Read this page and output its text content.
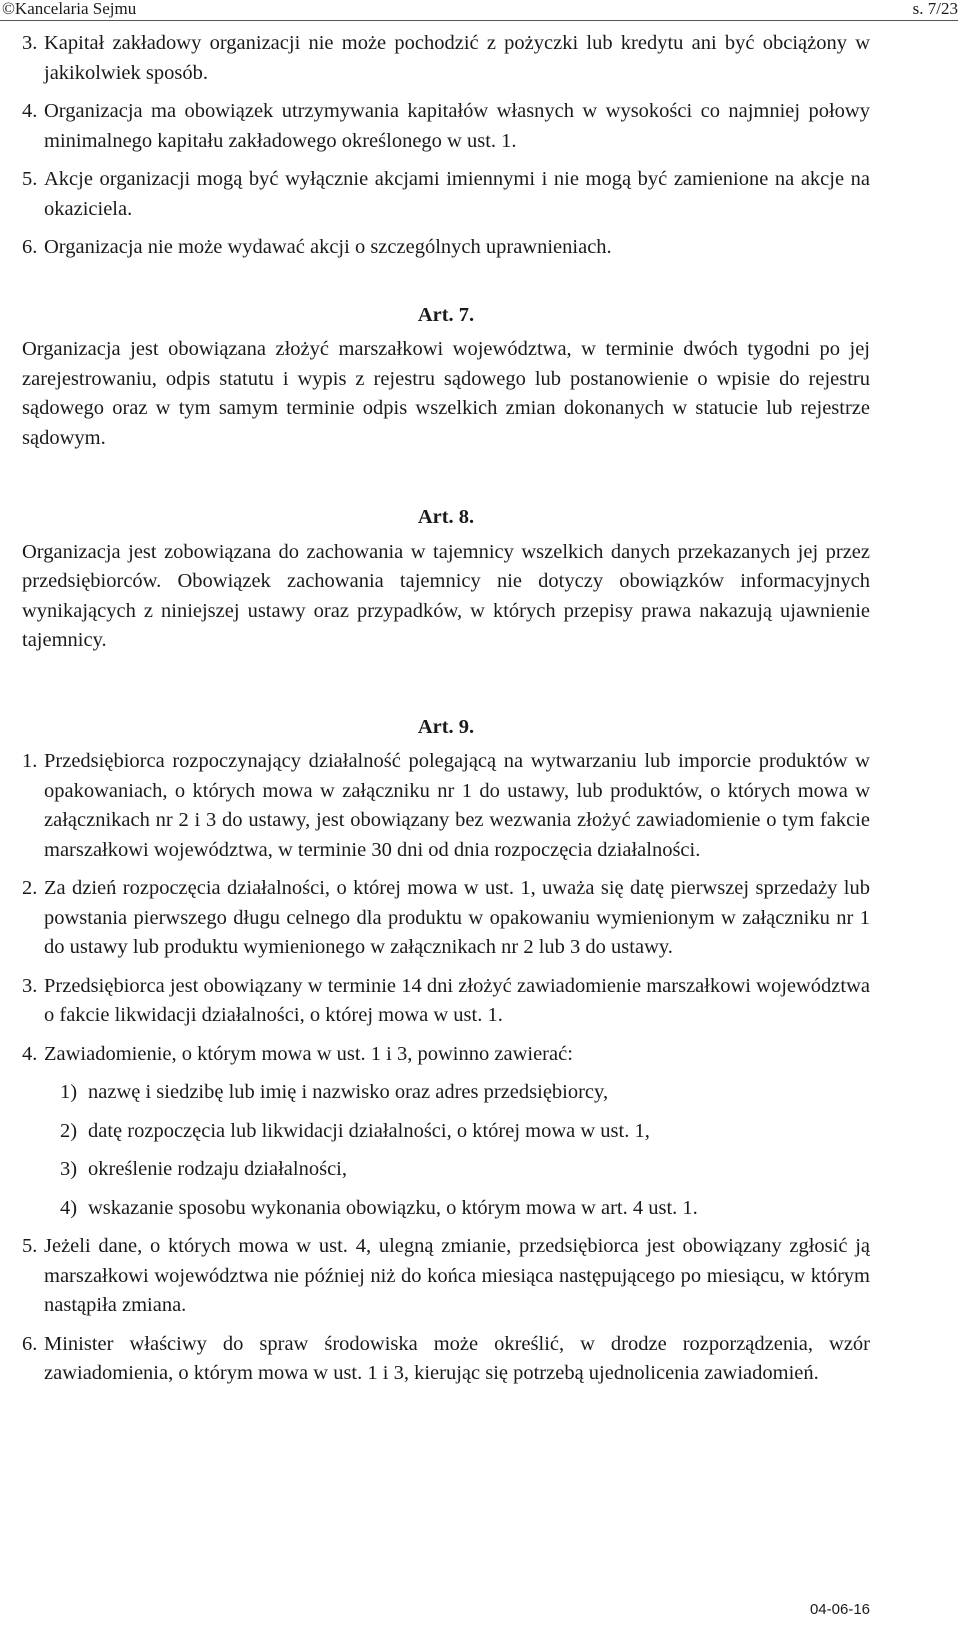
©Kancelaria Sejmu	s. 7/23
3. Kapitał zakładowy organizacji nie może pochodzić z pożyczki lub kredytu ani być obciążony w jakikolwiek sposób.
4. Organizacja ma obowiązek utrzymywania kapitałów własnych w wysokości co najmniej połowy minimalnego kapitału zakładowego określonego w ust. 1.
5. Akcje organizacji mogą być wyłącznie akcjami imiennymi i nie mogą być zamienione na akcje na okaziciela.
6. Organizacja nie może wydawać akcji o szczególnych uprawnieniach.

Art. 7.

Organizacja jest obowiązana złożyć marszałkowi województwa, w terminie dwóch tygodni po jej zarejestrowaniu, odpis statutu i wypis z rejestru sądowego lub postanowienie o wpisie do rejestru sądowego oraz w tym samym terminie odpis wszelkich zmian dokonanych w statucie lub rejestrze sądowym.

Art. 8.

Organizacja jest zobowiązana do zachowania w tajemnicy wszelkich danych przekazanych jej przez przedsiębiorców. Obowiązek zachowania tajemnicy nie dotyczy obowiązków informacyjnych wynikających z niniejszej ustawy oraz przypadków, w których przepisy prawa nakazują ujawnienie tajemnicy.

Art. 9.

1. Przedsiębiorca rozpoczynający działalność polegającą na wytwarzaniu lub imporcie produktów w opakowaniach, o których mowa w załączniku nr 1 do ustawy, lub produktów, o których mowa w załącznikach nr 2 i 3 do ustawy, jest obowiązany bez wezwania złożyć zawiadomienie o tym fakcie marszałkowi województwa, w terminie 30 dni od dnia rozpoczęcia działalności.
2. Za dzień rozpoczęcia działalności, o której mowa w ust. 1, uważa się datę pierwszej sprzedaży lub powstania pierwszego długu celnego dla produktu w opakowaniu wymienionym w załączniku nr 1 do ustawy lub produktu wymienionego w załącznikach nr 2 lub 3 do ustawy.
3. Przedsiębiorca jest obowiązany w terminie 14 dni złożyć zawiadomienie marszałkowi województwa o fakcie likwidacji działalności, o której mowa w ust. 1.
4. Zawiadomienie, o którym mowa w ust. 1 i 3, powinno zawierać:
1) nazwę i siedzibę lub imię i nazwisko oraz adres przedsiębiorcy,
2) datę rozpoczęcia lub likwidacji działalności, o której mowa w ust. 1,
3) określenie rodzaju działalności,
4) wskazanie sposobu wykonania obowiązku, o którym mowa w art. 4 ust. 1.
5. Jeżeli dane, o których mowa w ust. 4, ulegną zmianie, przedsiębiorca jest obowiązany zgłosić ją marszałkowi województwa nie później niż do końca miesiąca następującego po miesiącu, w którym nastąpiła zmiana.
6. Minister właściwy do spraw środowiska może określić, w drodze rozporządzenia, wzór zawiadomienia, o którym mowa w ust. 1 i 3, kierując się potrzebą ujednolicenia zawiadomień.
04-06-16
